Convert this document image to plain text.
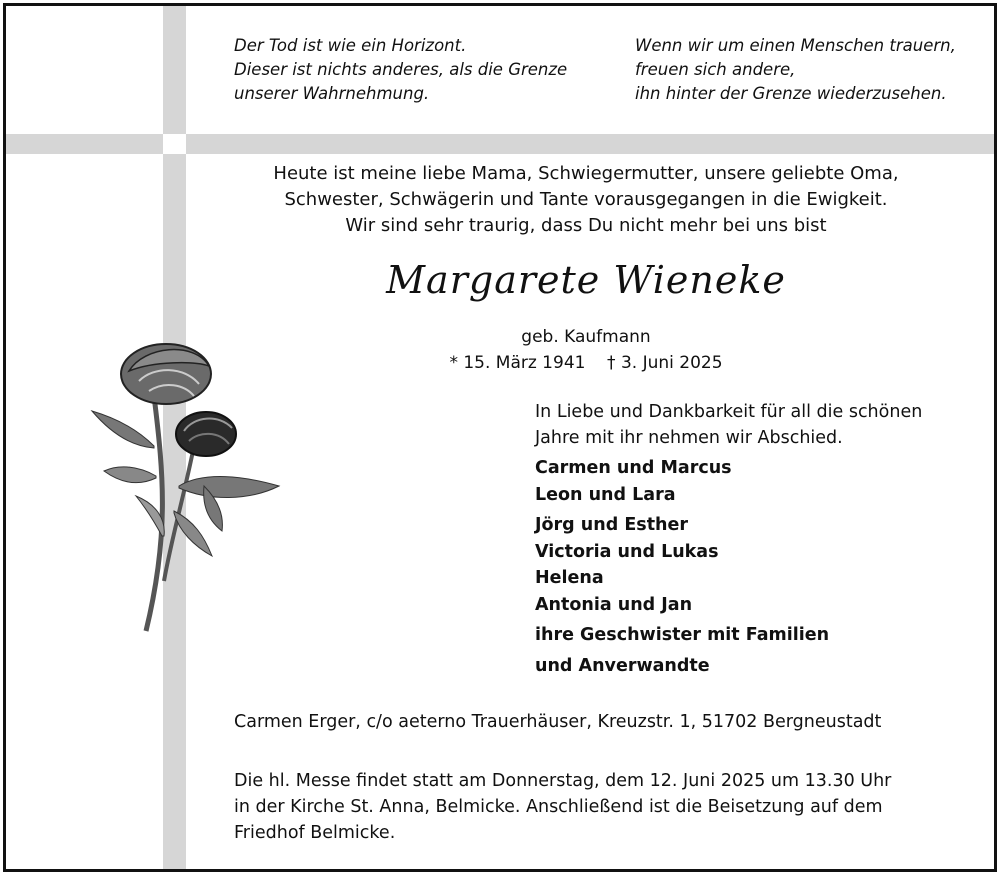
Der Tod ist wie ein Horizont.
Dieser ist nichts anderes, als die Grenze
unserer Wahrnehmung.
Wenn wir um einen Menschen trauern,
freuen sich andere,
ihn hinter der Grenze wiederzusehen.
Heute ist meine liebe Mama, Schwiegermutter, unsere geliebte Oma,
Schwester, Schwägerin und Tante vorausgegangen in die Ewigkeit.
Wir sind sehr traurig, dass Du nicht mehr bei uns bist
Margarete Wieneke
geb. Kaufmann
* 15. März 1941    † 3. Juni 2025
In Liebe und Dankbarkeit für all die schönen
Jahre mit ihr nehmen wir Abschied.
Carmen und Marcus
Leon und Lara
Jörg und Esther
Victoria und Lukas
Helena
Antonia und Jan
ihre Geschwister mit Familien
und Anverwandte
Carmen Erger, c/o aeterno Trauerhäuser, Kreuzstr. 1, 51702 Bergneustadt
Die hl. Messe findet statt am Donnerstag, dem 12. Juni 2025 um 13.30 Uhr
in der Kirche St. Anna, Belmicke. Anschließend ist die Beisetzung auf dem
Friedhof Belmicke.
